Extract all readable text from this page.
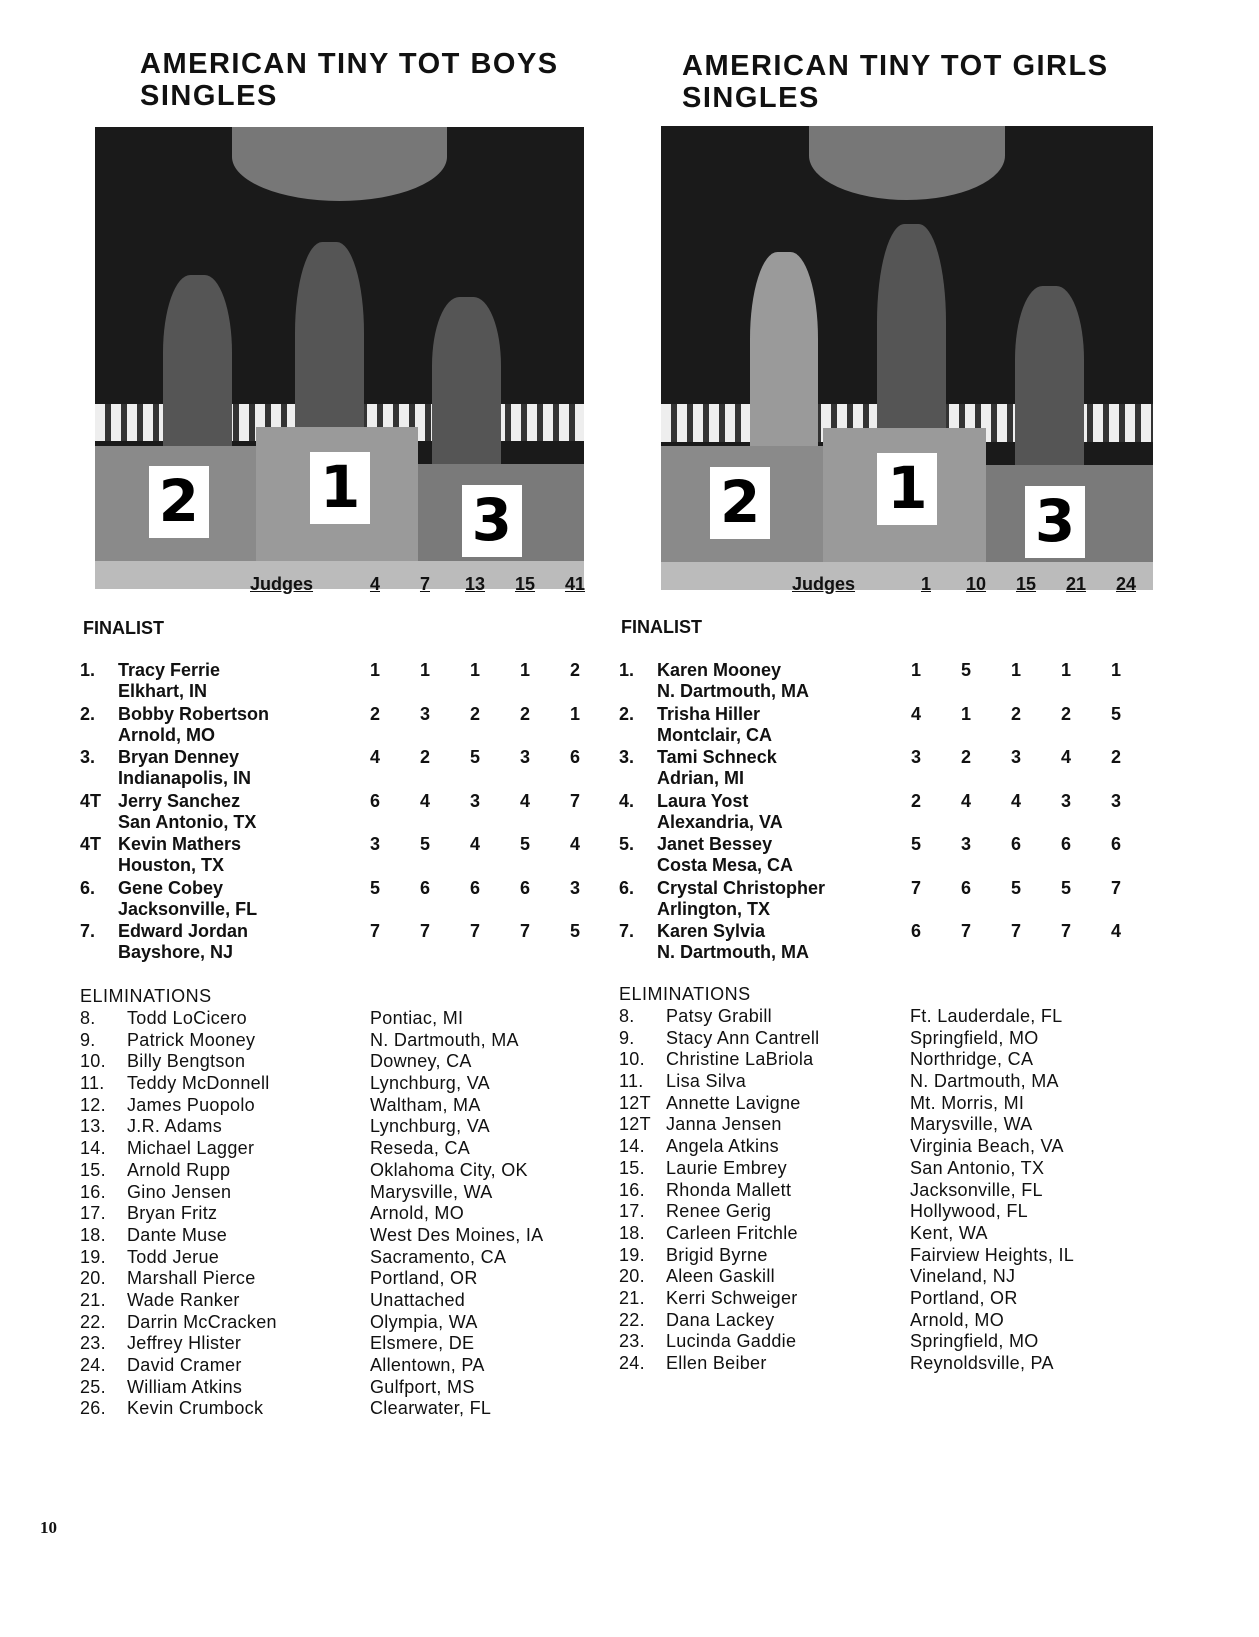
AMERICAN TINY TOT BOYS
SINGLES
2 1 3
Judges	4	7	13	15	41
FINALIST
1.	Tracy Ferrie
Elkhart, IN
1	1	1	1	2
2.	Bobby Robertson
Arnold, MO
2	3	2	2	1
3.	Bryan Denney
Indianapolis, IN
4	2	5	3	6
4T Jerry Sanchez
San Antonio, TX
6	4	3	4	7
4T Kevin Mathers
Houston, TX
3	5	4	5	4
6.	Gene Cobey
Jacksonville, FL
5	6	6	6	3
7.	Edward Jordan
Bayshore, NJ
7	7	7	7	5
ELIMINATIONS
8. Todd LoCicero	Pontiac, MI
9. Patrick Mooney	N. Dartmouth, MA
10. Billy Bengtson	Downey, CA
11. Teddy McDonnell	Lynchburg, VA
12. James Puopolo	Waltham, MA
13. J.R. Adams	Lynchburg, VA
14. Michael Lagger	Reseda, CA
15. Arnold Rupp	Oklahoma City, OK
16. Gino Jensen	Marysville, WA
17. Bryan Fritz	Arnold, MO
18. Dante Muse	West Des Moines, IA
19. Todd Jerue	Sacramento, CA
20. Marshall Pierce	Portland, OR
21. Wade Ranker	Unattached
22. Darrin McCracken	Olympia, WA
23. Jeffrey Hlister	Elsmere, DE
24. David Cramer	Allentown, PA
25. William Atkins	Gulfport, MS
26. Kevin Crumbock	Clearwater, FL
AMERICAN TINY TOT GIRLS
SINGLES
2 1 3
Judges	1	10	15	21	24
FINALIST
1.	Karen Mooney
N. Dartmouth, MA
1	5	1	1	1
2.	Trisha Hiller
Montclair, CA
4	1	2	2	5
3.	Tami Schneck
Adrian, MI
3	2	3	4	2
4.	Laura Yost
Alexandria, VA
2	4	4	3	3
5.	Janet Bessey
Costa Mesa, CA
5	3	6	6	6
6.	Crystal Christopher
Arlington, TX
7	6	5	5	7
7.	Karen Sylvia
N. Dartmouth, MA
6	7	7	7	4
ELIMINATIONS
8. Patsy Grabill	Ft. Lauderdale, FL
9. Stacy Ann Cantrell	Springfield, MO
10. Christine LaBriola	Northridge, CA
11. Lisa Silva	N. Dartmouth, MA
12T Annette Lavigne	Mt. Morris, MI
12T Janna Jensen	Marysville, WA
14. Angela Atkins	Virginia Beach, VA
15. Laurie Embrey	San Antonio, TX
16. Rhonda Mallett	Jacksonville, FL
17. Renee Gerig	Hollywood, FL
18. Carleen Fritchle	Kent, WA
19. Brigid Byrne	Fairview Heights, IL
20. Aleen Gaskill	Vineland, NJ
21. Kerri Schweiger	Portland, OR
22. Dana Lackey	Arnold, MO
23. Lucinda Gaddie	Springfield, MO
24. Ellen Beiber	Reynoldsville, PA
10
